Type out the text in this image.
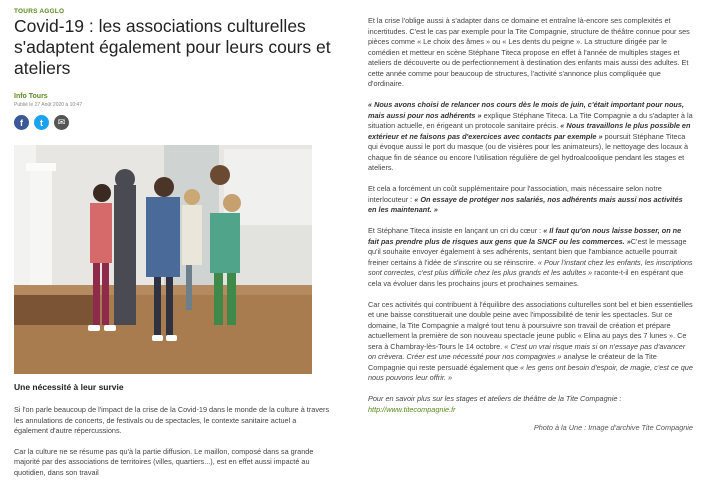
TOURS AGGLO
Covid-19 : les associations culturelles s'adaptent également pour leurs cours et ateliers
Info Tours
Publié le 27 Août 2020 à 10:47
f	t	✉
Une nécessité à leur survie

Si l'on parle beaucoup de l'impact de la crise de la Covid-19 dans le monde de la culture à travers les annulations de concerts, de festivals ou de spectacles, le contexte sanitaire actuel a également d'autre répercussions.

Car la culture ne se résume pas qu'à la partie diffusion. Le maillon, composé dans sa grande majorité par des associations de territoires (villes, quartiers...), est en effet aussi impacté au quotidien, dans son travail

Et la crise l'oblige aussi à s'adapter dans ce domaine et entraîne là-encore ses complexités et incertitudes. C'est le cas par exemple pour la Tite Compagnie, structure de théâtre connue pour ses pièces comme « Le choix des âmes » ou « Les dents du peigne ». La structure dirigée par le comédien et metteur en scène Stéphane Titeca propose en effet à l'année de multiples stages et ateliers de découverte ou de perfectionnement à destination des enfants mais aussi des adultes. Et cette année comme pour beaucoup de structures, l'activité s'annonce plus compliquée que d'ordinaire.

« Nous avons choisi de relancer nos cours dès le mois de juin, c'était important pour nous, mais aussi pour nos adhérents » explique Stéphane Titeca. La Tite Compagnie a du s'adapter à la situation actuelle, en érigeant un protocole sanitaire précis. « Nous travaillons le plus possible en extérieur et ne faisons pas d'exercices avec contacts par exemple » poursuit Stéphane Titeca qui évoque aussi le port du masque (ou de visières pour les animateurs), le nettoyage des locaux à chaque fin de séance ou encore l'utilisation régulière de gel hydroalcoolique pendant les stages et ateliers.

Et cela a forcément un coût supplémentaire pour l'association, mais nécessaire selon notre interlocuteur : « On essaye de protéger nos salariés, nos adhérents mais aussi nos activités en les maintenant. »

Et Stéphane Titeca insiste en lançant un cri du cœur : « Il faut qu'on nous laisse bosser, on ne fait pas prendre plus de risques aux gens que la SNCF ou les commerces. »C'est le message qu'il souhaite envoyer également à ses adhérents, sentant bien que l'ambiance actuelle pourrait freiner certains à l'idée de s'inscrire ou se réinscrire. « Pour l'instant chez les enfants, les inscriptions sont correctes, c'est plus difficile chez les plus grands et les adultes » raconte-t-il en espérant que cela va évoluer dans les prochains jours et prochaines semaines.

Car ces activités qui contribuent à l'équilibre des associations culturelles sont bel et bien essentielles et une baisse constituerait une double peine avec l'impossibilité de tenir les spectacles. Sur ce domaine, la Tite Compagnie a malgré tout tenu à poursuivre son travail de création et prépare actuellement la première de son nouveau spectacle jeune public « Elina au pays des 7 lunes ». Ce sera à Chambray-lès-Tours le 14 octobre. « C'est un vrai risque mais si on n'essaye pas d'avancer on crèvera. Créer est une nécessité pour nos compagnies » analyse le créateur de la Tite Compagnie qui reste persuadé également que « les gens ont besoin d'espoir, de magie, c'est ce que nous pouvons leur offrir. »

Pour en savoir plus sur les stages et ateliers de théâtre de la Tite Compagnie :
http://www.titecompagnie.fr

Photo à la Une : Image d'archive Tite Compagnie
